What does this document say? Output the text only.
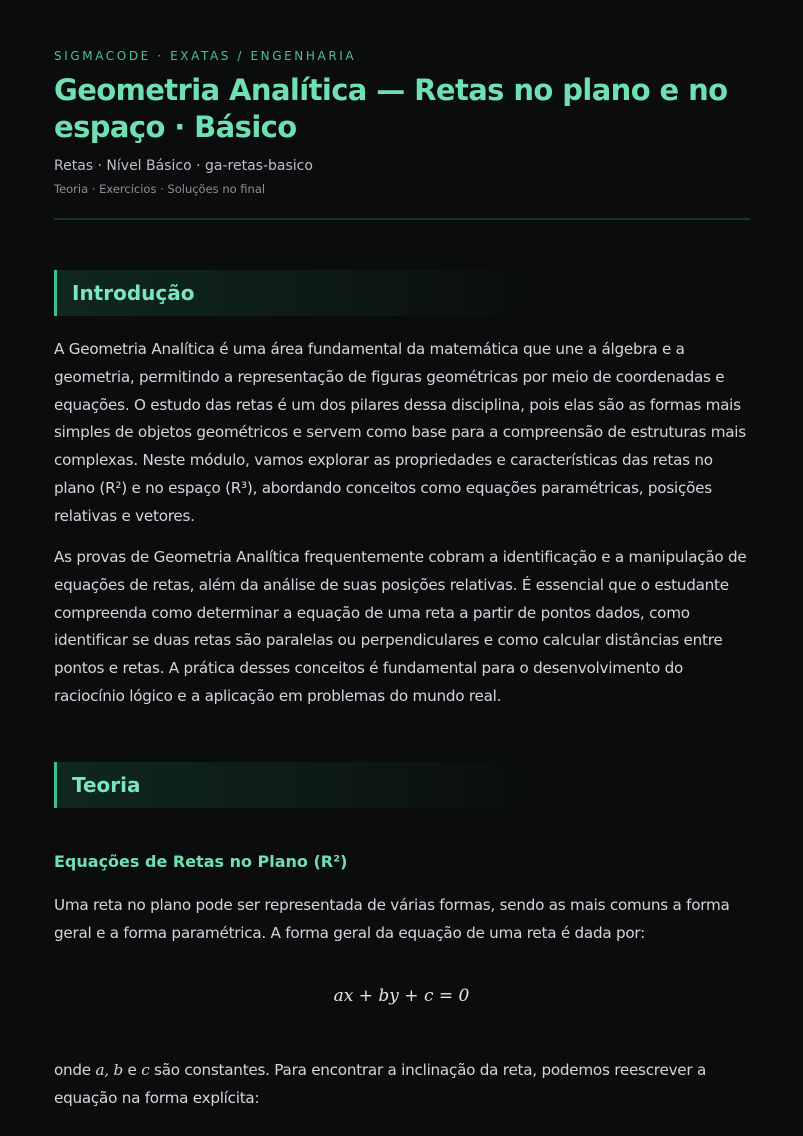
SIGMACODE · EXATAS / ENGENHARIA
Geometria Analítica — Retas no plano e no espaço · Básico
Retas · Nível Básico · ga-retas-basico
Teoria · Exercícios · Soluções no final
Introdução

A Geometria Analítica é uma área fundamental da matemática que une a álgebra e a geometria, permitindo a representação de figuras geométricas por meio de coordenadas e equações. O estudo das retas é um dos pilares dessa disciplina, pois elas são as formas mais simples de objetos geométricos e servem como base para a compreensão de estruturas mais complexas. Neste módulo, vamos explorar as propriedades e características das retas no plano (R²) e no espaço (R³), abordando conceitos como equações paramétricas, posições relativas e vetores.

As provas de Geometria Analítica frequentemente cobram a identificação e a manipulação de equações de retas, além da análise de suas posições relativas. É essencial que o estudante compreenda como determinar a equação de uma reta a partir de pontos dados, como identificar se duas retas são paralelas ou perpendiculares e como calcular distâncias entre pontos e retas. A prática desses conceitos é fundamental para o desenvolvimento do raciocínio lógico e a aplicação em problemas do mundo real.

Teoria
Equações de Retas no Plano (R²)

Uma reta no plano pode ser representada de várias formas, sendo as mais comuns a forma geral e a forma paramétrica. A forma geral da equação de uma reta é dada por:

ax + by + c = 0

onde a, b e c são constantes. Para encontrar a inclinação da reta, podemos reescrever a equação na forma explícita:
